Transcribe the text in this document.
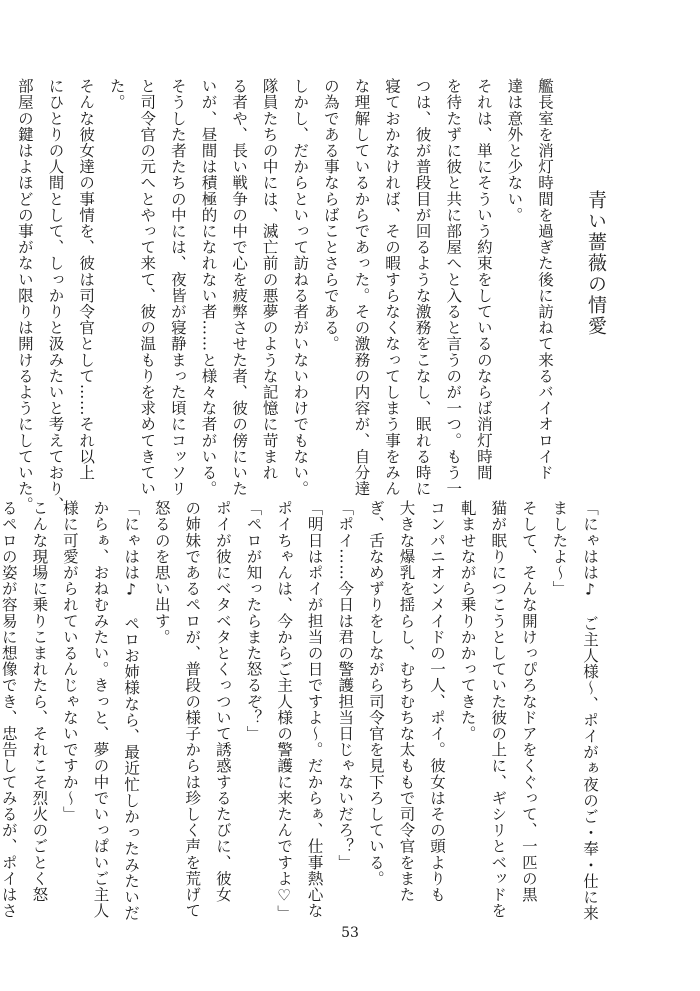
青い薔薇の情愛
艦長室を消灯時間を過ぎた後に訪ねて来るバイオロイド
達は意外と少ない。
それは、単にそういう約束をしているのならば消灯時間
を待たずに彼と共に部屋へと入ると言うのが一つ。もう一
つは、彼が普段目が回るような激務をこなし、眠れる時に
寝ておかなければ、その暇すらなくなってしまう事をみん
な理解しているからであった。その激務の内容が、自分達
の為である事ならばことさらである。
しかし、だからといって訪ねる者がいないわけでもない。
隊員たちの中には、滅亡前の悪夢のような記憶に苛まれ
る者や、長い戦争の中で心を疲弊させた者、彼の傍にいた
いが、昼間は積極的になれない者……と様々な者がいる。
そうした者たちの中には、夜皆が寝静まった頃にコッソリ
と司令官の元へとやって来て、彼の温もりを求めてきてい
た。
そんな彼女達の事情を、彼は司令官として……それ以上
にひとりの人間として、しっかりと汲みたいと考えており、
部屋の鍵はよほどの事がない限りは開けるようにしていた。
「にゃはは♪　ご主人様～、ポイがぁ夜のご・奉・仕に来
ましたよ～」
そして、そんな開けっぴろなドアをくぐって、一匹の黒
猫が眠りにつこうとしていた彼の上に、ギシリとベッドを
軋ませながら乗りかかってきた。
コンパニオンメイドの一人、ポイ。彼女はその頭よりも
大きな爆乳を揺らし、むちむちな太ももで司令官をまた
ぎ、舌なめずりをしながら司令官を見下ろしている。
「ポイ……今日は君の警護担当日じゃないだろ？」
「明日はポイが担当の日ですよ～。だからぁ、仕事熱心な
ポイちゃんは、今からご主人様の警護に来たんですよ♡」
「ペロが知ったらまた怒るぞ？」
ポイが彼にベタベタとくっついて誘惑するたびに、彼女
の姉妹であるペロが、普段の様子からは珍しく声を荒げて
怒るのを思い出す。
「にゃはは♪　ペロお姉様なら、最近忙しかったみたいだ
からぁ、おねむみたい。きっと、夢の中でいっぱいご主人
様に可愛がられているんじゃないですか～」
こんな現場に乗りこまれたら、それこそ烈火のごとく怒
るペロの姿が容易に想像でき、忠告してみるが、ポイはさ
53
